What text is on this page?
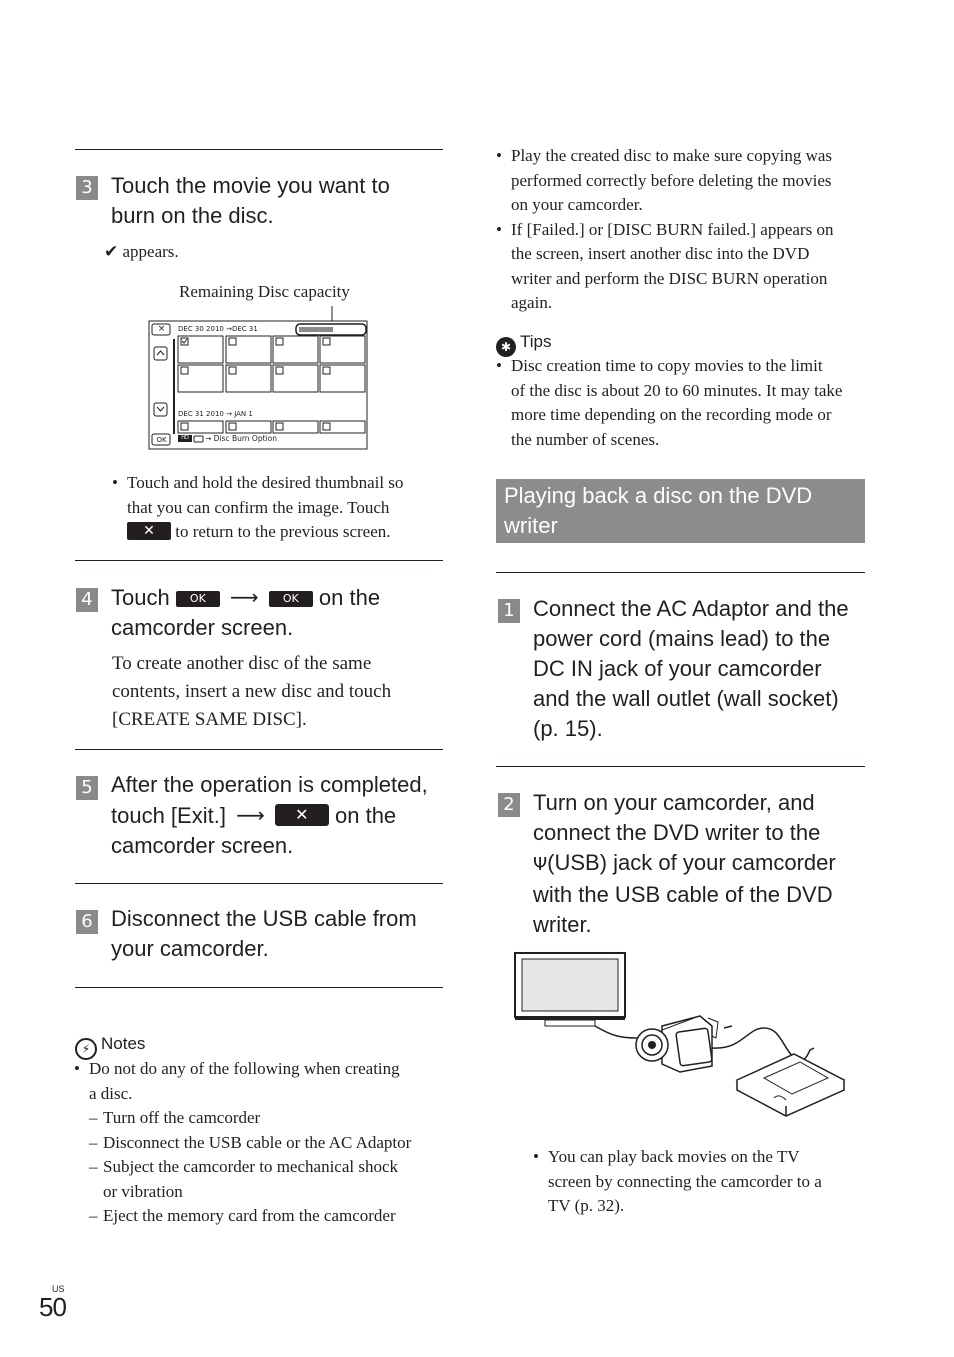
3 Touch the movie you want to
burn on the disc.
✔ appears.
Remaining Disc capacity
×	DEC 30 2010 →DEC 31
DEC 31 2010 → JAN 1
OK	HD	→ Disc Burn Option
• Touch and hold the desired thumbnail so
that you can confirm the image. Touch
✕ to return to the previous screen.
4 Touch OK ⟶ OK on the
camcorder screen.
To create another disc of the same
contents, insert a new disc and touch
[CREATE SAME DISC].
5 After the operation is completed,
touch [Exit.] ⟶ ✕ on the
camcorder screen.
6 Disconnect the USB cable from
your camcorder.
⚡ Notes
• Do not do any of the following when creating
a disc.
– Turn off the camcorder
– Disconnect the USB cable or the AC Adaptor
– Subject the camcorder to mechanical shock
or vibration
– Eject the memory card from the camcorder
• Play the created disc to make sure copying was
performed correctly before deleting the movies
on your camcorder.
• If [Failed.] or [DISC BURN failed.] appears on
the screen, insert another disc into the DVD
writer and perform the DISC BURN operation
again.
✱ Tips
• Disc creation time to copy movies to the limit
of the disc is about 20 to 60 minutes. It may take
more time depending on the recording mode or
the number of scenes.
Playing back a disc on the DVD
writer
1 Connect the AC Adaptor and the
power cord (mains lead) to the
DC IN jack of your camcorder
and the wall outlet (wall socket)
(p. 15).
2 Turn on your camcorder, and
connect the DVD writer to the
Ψ(USB) jack of your camcorder
with the USB cable of the DVD
writer.
• You can play back movies on the TV
screen by connecting the camcorder to a
TV (p. 32).
US
50
